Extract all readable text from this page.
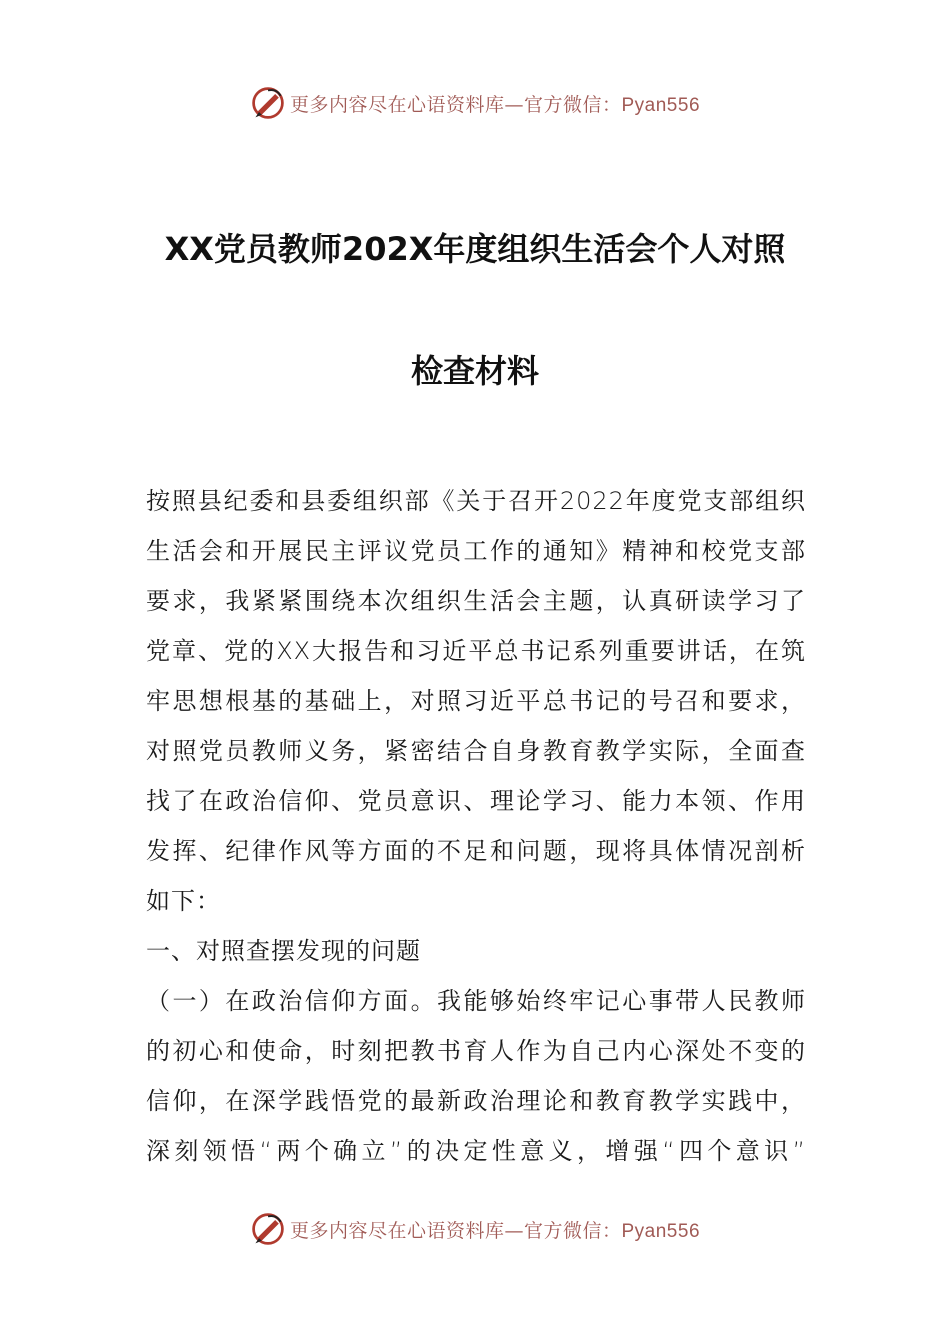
更多内容尽在心语资料库—官方微信：Pyan556
XX党员教师202X年度组织生活会个人对照
检查材料
按照县纪委和县委组织部《关于召开2022年度党支部组织
生活会和开展民主评议党员工作的通知》精神和校党支部
要求，我紧紧围绕本次组织生活会主题，认真研读学习了
党章、党的XX大报告和习近平总书记系列重要讲话，在筑
牢思想根基的基础上，对照习近平总书记的号召和要求，
对照党员教师义务，紧密结合自身教育教学实际，全面查
找了在政治信仰、党员意识、理论学习、能力本领、作用
发挥、纪律作风等方面的不足和问题，现将具体情况剖析
如下：
一、对照查摆发现的问题
（一）在政治信仰方面。我能够始终牢记心事带人民教师
的初心和使命，时刻把教书育人作为自己内心深处不变的
信仰，在深学践悟党的最新政治理论和教育教学实践中，
深刻领悟“两个确立”的决定性意义，增强“四个意识”
更多内容尽在心语资料库—官方微信：Pyan556
